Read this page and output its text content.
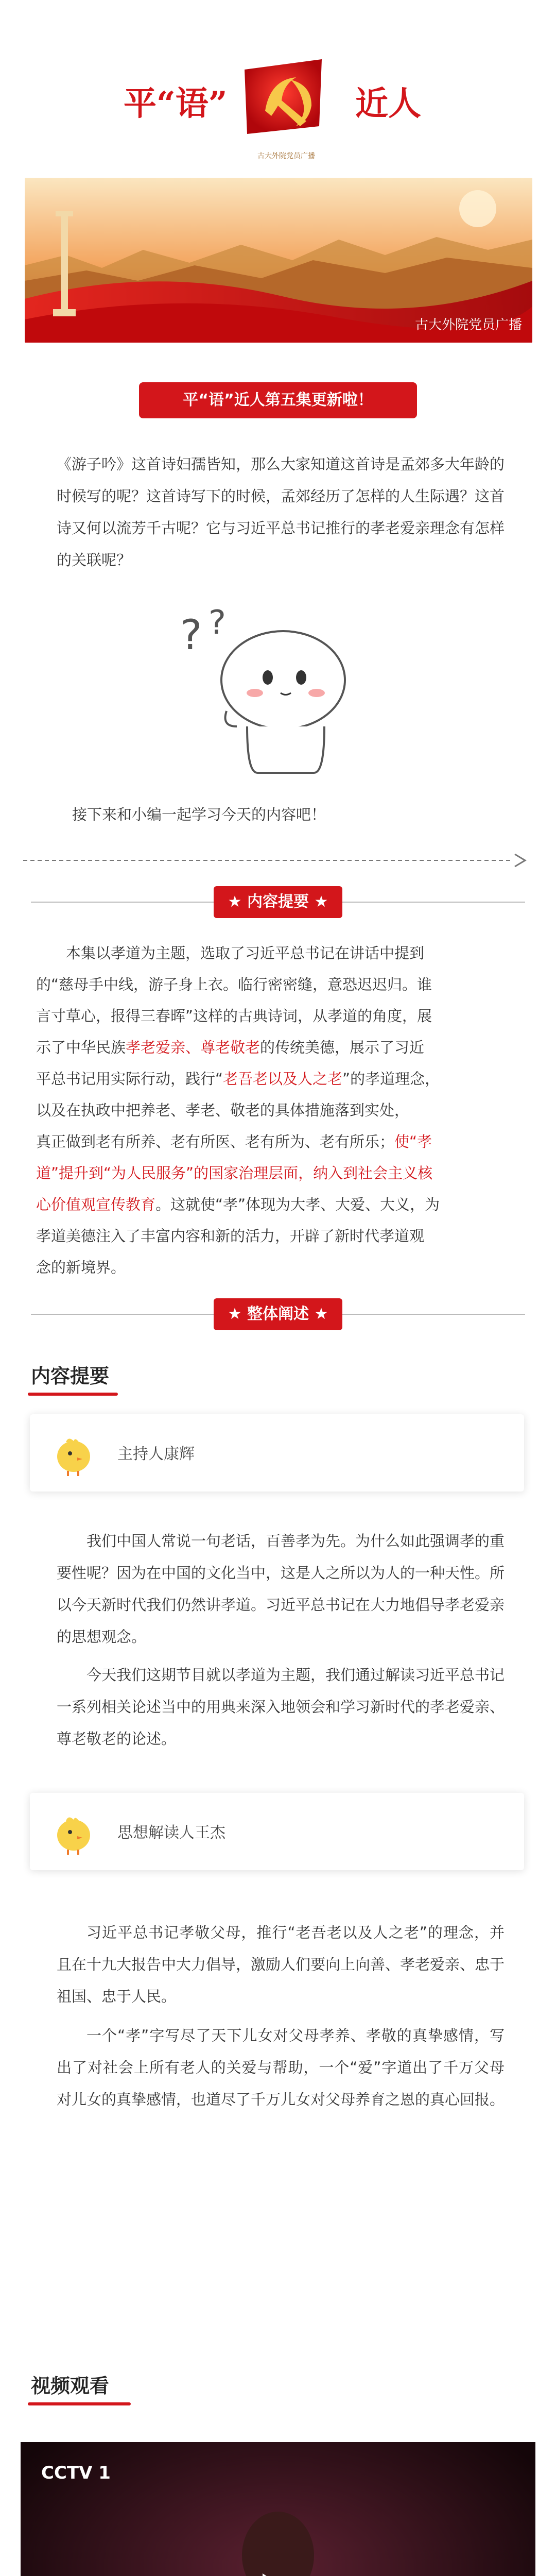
平“语”
古大外院党员广播
近人
古大外院党员广播
平“语”近人第五集更新啦！
《游子吟》这首诗妇孺皆知，那么大家知道这首诗是孟郊多大年龄的时候写的呢？这首诗写下的时候，孟郊经历了怎样的人生际遇？这首诗又何以流芳千古呢？它与习近平总书记推行的孝老爱亲理念有怎样的关联呢？
? ?
接下来和小编一起学习今天的内容吧！
★ 内容提要 ★
本集以孝道为主题，选取了习近平总书记在讲话中提到
的“慈母手中线，游子身上衣。临行密密缝，意恐迟迟归。谁
言寸草心，报得三春晖”这样的古典诗词，从孝道的角度，展
示了中华民族孝老爱亲、尊老敬老的传统美德，展示了习近
平总书记用实际行动，践行“老吾老以及人之老”的孝道理念，
以及在执政中把养老、孝老、敬老的具体措施落到实处，
真正做到老有所养、老有所医、老有所为、老有所乐；使“孝
道”提升到“为人民服务”的国家治理层面，纳入到社会主义核
心价值观宣传教育。这就使“孝”体现为大孝、大爱、大义，为
孝道美德注入了丰富内容和新的活力，开辟了新时代孝道观
念的新境界。
★ 整体阐述 ★
内容提要
主持人康辉
我们中国人常说一句老话，百善孝为先。为什么如此强调孝的重要性呢？因为在中国的文化当中，这是人之所以为人的一种天性。所以今天新时代我们仍然讲孝道。习近平总书记在大力地倡导孝老爱亲的思想观念。
今天我们这期节目就以孝道为主题，我们通过解读习近平总书记一系列相关论述当中的用典来深入地领会和学习新时代的孝老爱亲、尊老敬老的论述。
思想解读人王杰
习近平总书记孝敬父母，推行“老吾老以及人之老”的理念，并且在十九大报告中大力倡导，激励人们要向上向善、孝老爱亲、忠于祖国、忠于人民。
一个“孝”字写尽了天下儿女对父母孝养、孝敬的真挚感情，写出了对社会上所有老人的关爱与帮助，一个“爱”字道出了千万父母对儿女的真挚感情，也道尽了千万儿女对父母养育之恩的真心回报。
视频观看
CCTV 1
